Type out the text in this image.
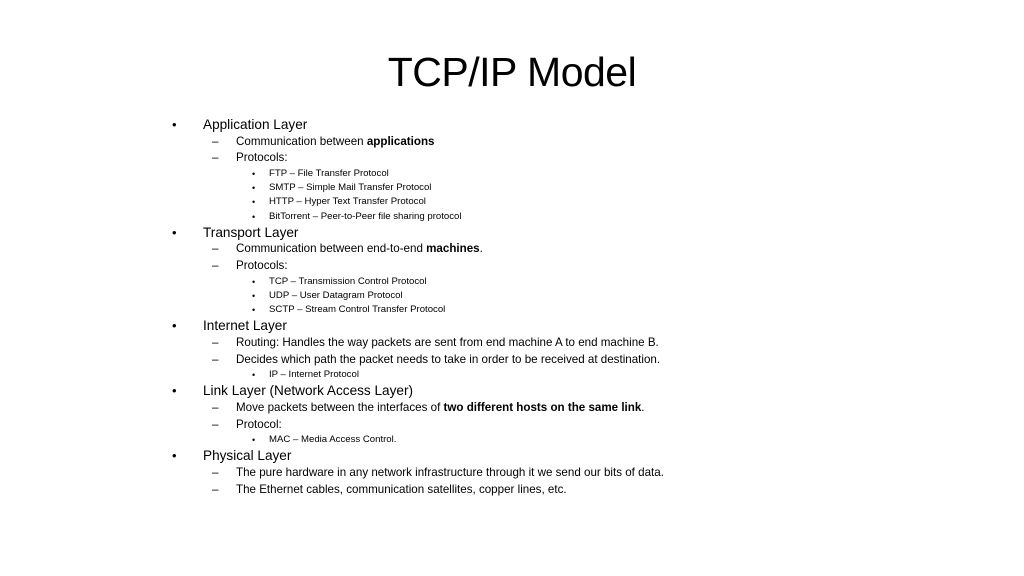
TCP/IP Model
• Application Layer
– Communication between applications
– Protocols:
• FTP – File Transfer Protocol
• SMTP – Simple Mail Transfer Protocol
• HTTP – Hyper Text Transfer Protocol
• BitTorrent – Peer-to-Peer file sharing protocol
• Transport Layer
– Communication between end-to-end machines.
– Protocols:
• TCP – Transmission Control Protocol
• UDP – User Datagram Protocol
• SCTP – Stream Control Transfer Protocol
• Internet Layer
– Routing: Handles the way packets are sent from end machine A to end machine B.
– Decides which path the packet needs to take in order to be received at destination.
• IP – Internet Protocol
• Link Layer (Network Access Layer)
– Move packets between the interfaces of two different hosts on the same link.
– Protocol:
• MAC – Media Access Control.
• Physical Layer
– The pure hardware in any network infrastructure through it we send our bits of data.
– The Ethernet cables, communication satellites, copper lines, etc.
